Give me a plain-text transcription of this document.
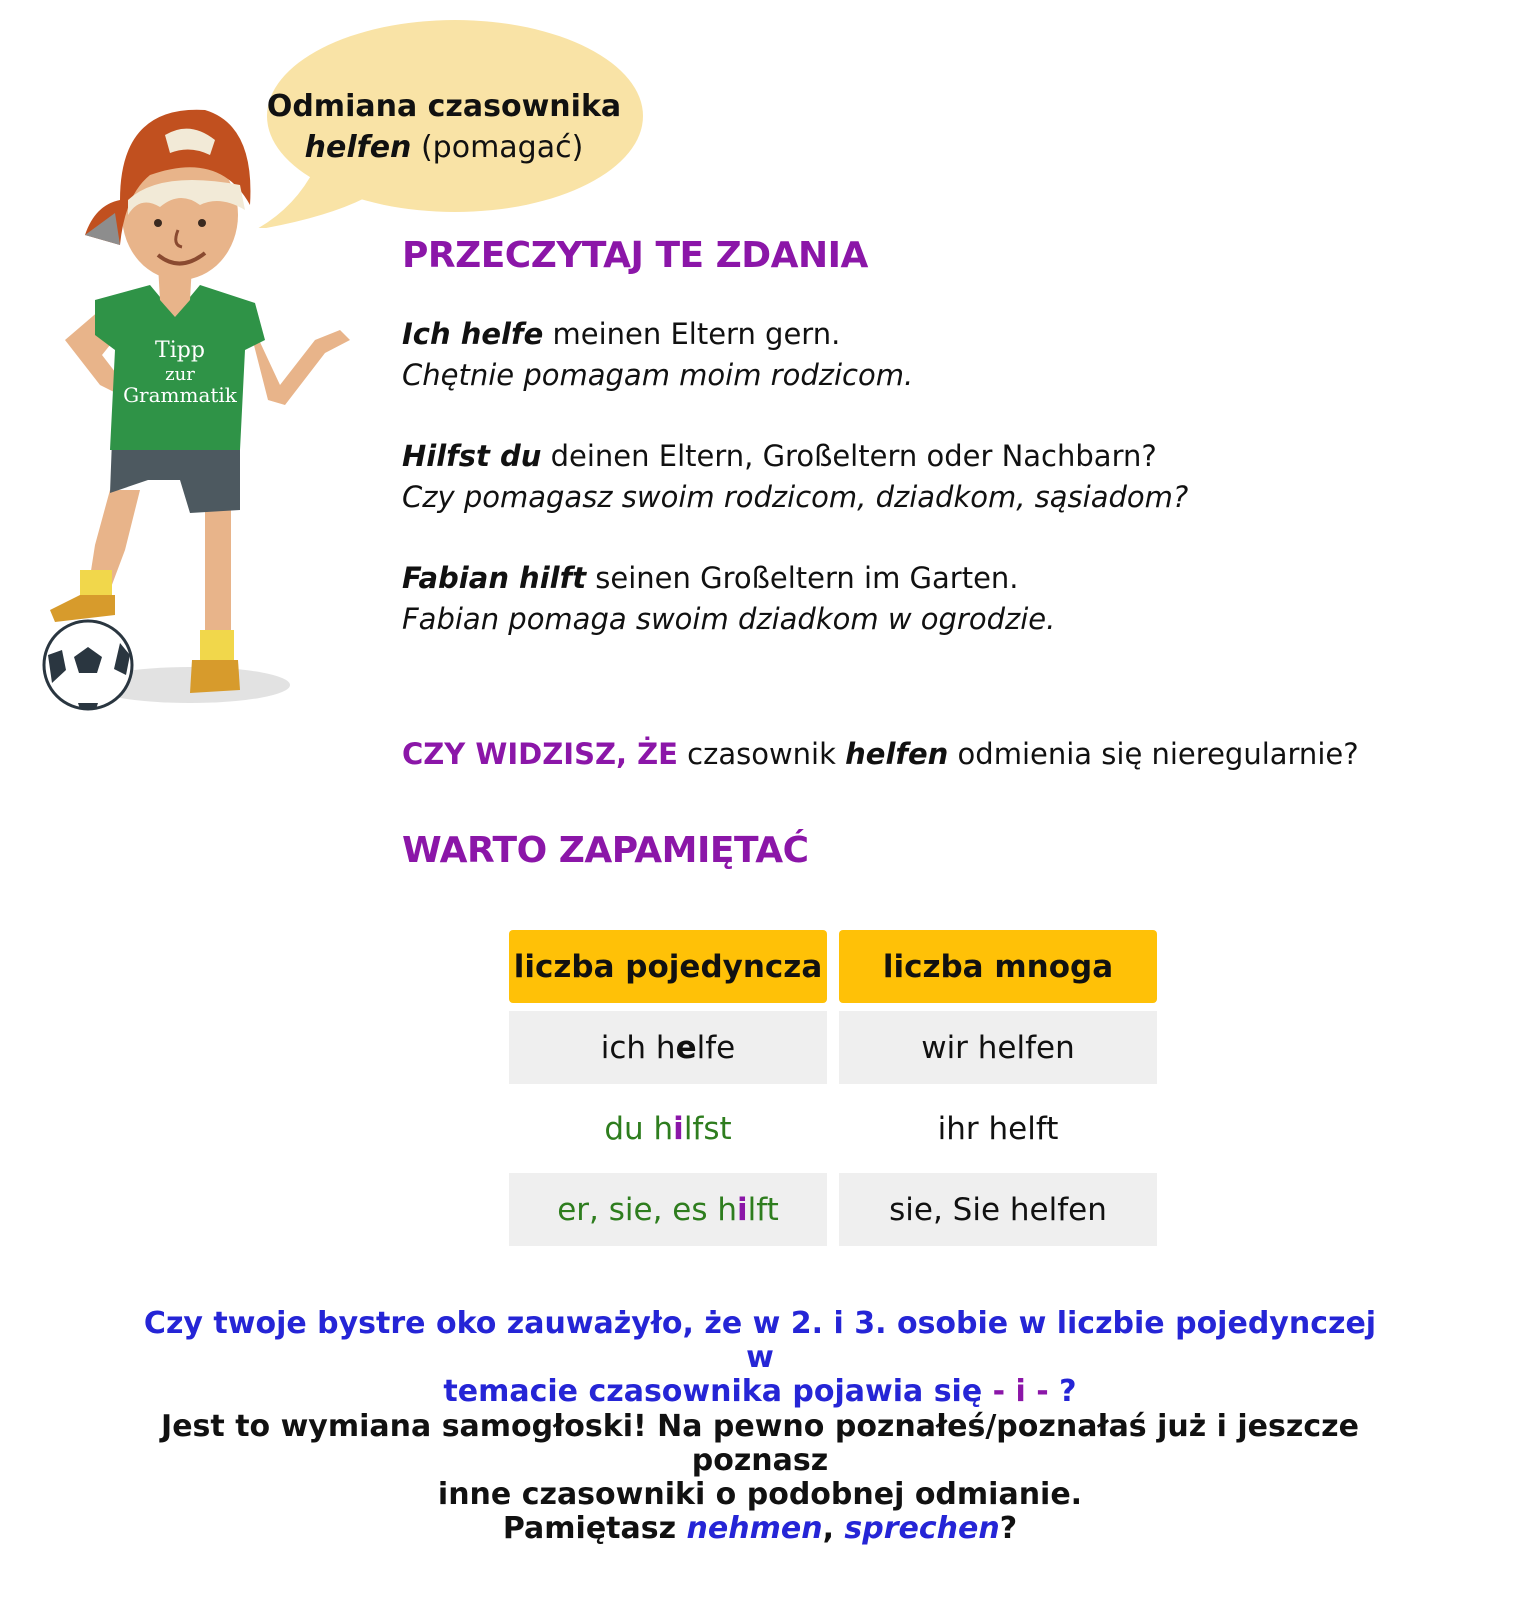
Odmiana czasownika
helfen (pomagać)
Tipp
zur
Grammatik
PRZECZYTAJ TE ZDANIA
Ich helfe meinen Eltern gern.
Chętnie pomagam moim rodzicom.
Hilfst du deinen Eltern, Großeltern oder Nachbarn?
Czy pomagasz swoim rodzicom, dziadkom, sąsiadom?
Fabian hilft seinen Großeltern im Garten.
Fabian pomaga swoim dziadkom w ogrodzie.
CZY WIDZISZ, ŻE czasownik helfen odmienia się nieregularnie?
WARTO ZAPAMIĘTAĆ
liczba pojedyncza	liczba mnoga
ich helfe	wir helfen
du hilfst	ihr helft
er, sie, es hilft	sie, Sie helfen
Czy twoje bystre oko zauważyło, że w 2. i 3. osobie w liczbie pojedynczej w
temacie czasownika pojawia się - i - ?
Jest to wymiana samogłoski! Na pewno poznałeś/poznałaś już i jeszcze poznasz
inne czasowniki o podobnej odmianie.
Pamiętasz nehmen, sprechen?
